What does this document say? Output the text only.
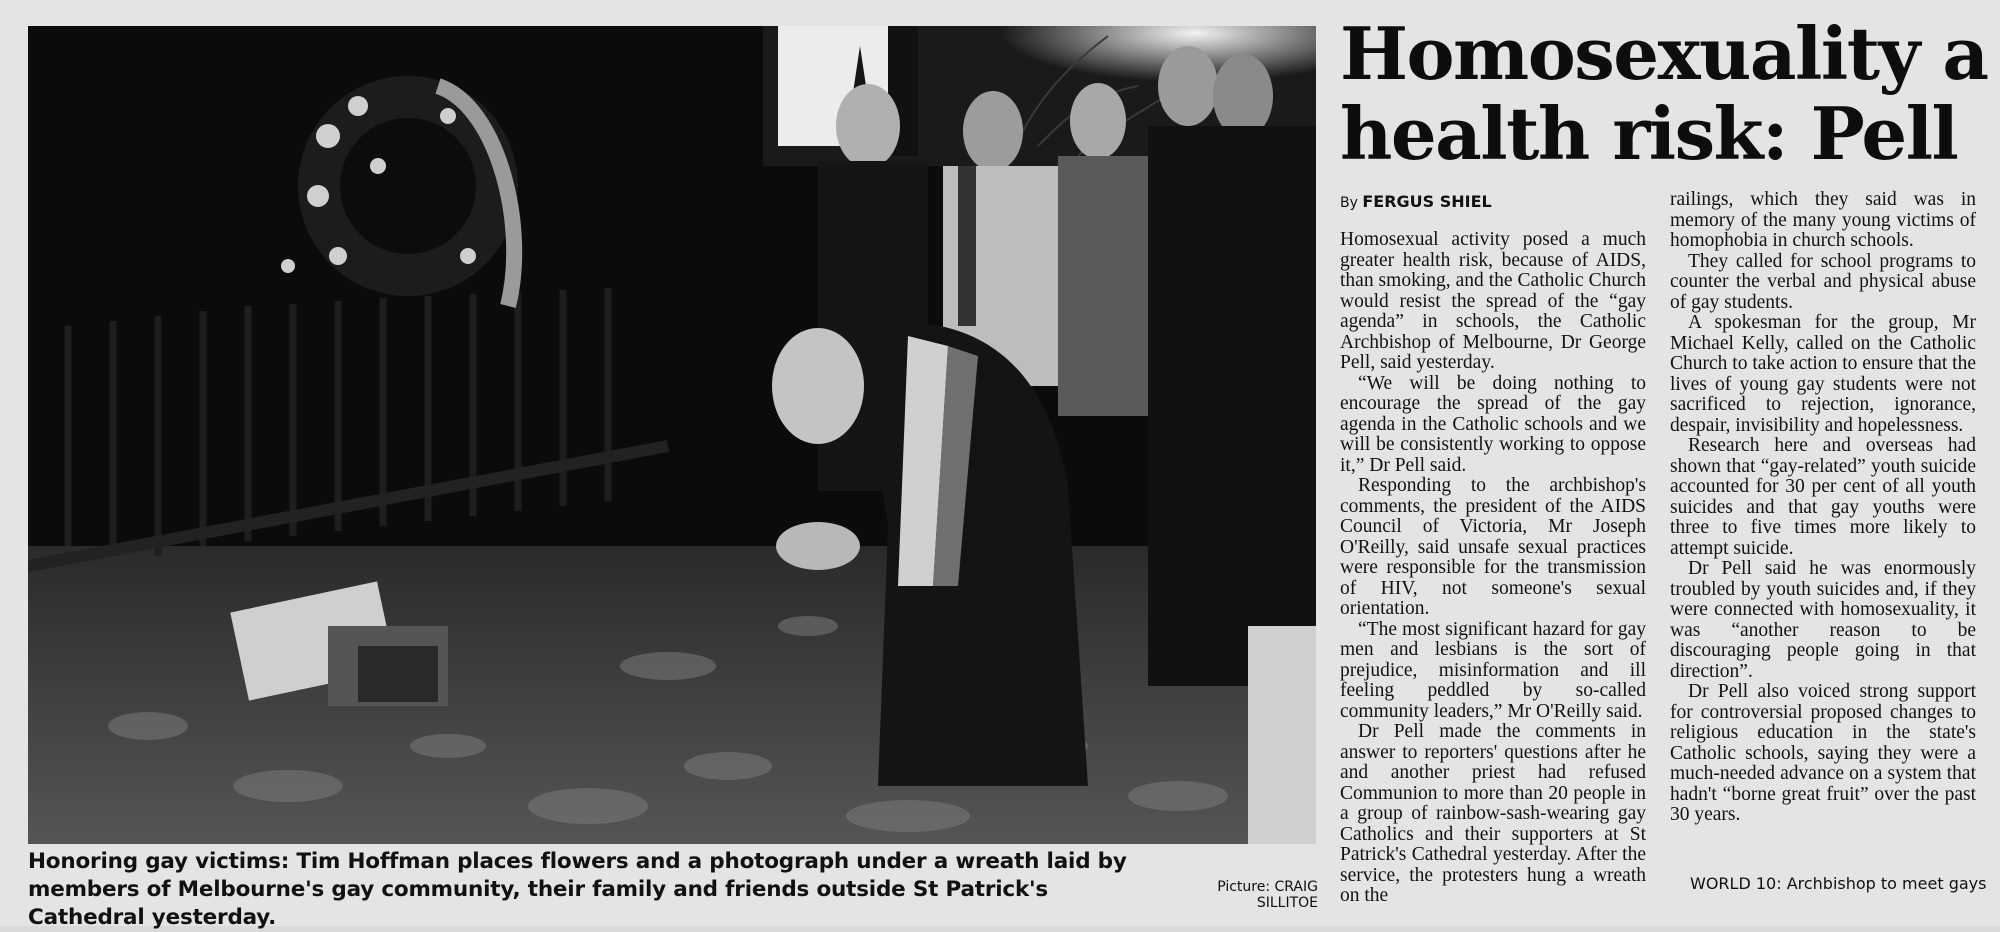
Honoring gay victims: Tim Hoffman places flowers and a photograph under a wreath laid by members of Melbourne's gay community, their family and friends outside St Patrick's Cathedral yesterday.
Picture: CRAIG SILLITOE
Homosexuality a health risk: Pell
By FERGUS SHIEL

Homosexual activity posed a much greater health risk, because of AIDS, than smoking, and the Catholic Church would resist the spread of the “gay agenda” in schools, the Catholic Archbishop of Melbourne, Dr George Pell, said yesterday.

“We will be doing nothing to encourage the spread of the gay agenda in the Catholic schools and we will be consistently working to oppose it,” Dr Pell said.

Responding to the archbishop's comments, the president of the AIDS Council of Victoria, Mr Joseph O'Reilly, said unsafe sexual practices were responsible for the transmission of HIV, not someone's sexual orientation.

“The most significant hazard for gay men and lesbians is the sort of prejudice, misinformation and ill feeling peddled by so-called community leaders,” Mr O'Reilly said.

Dr Pell made the comments in answer to reporters' questions after he and another priest had refused Communion to more than 20 people in a group of rainbow-sash-wearing gay Catholics and their supporters at St Patrick's Cathedral yesterday. After the service, the protesters hung a wreath on the

railings, which they said was in memory of the many young victims of homophobia in church schools.

They called for school programs to counter the verbal and physical abuse of gay students.

A spokesman for the group, Mr Michael Kelly, called on the Catholic Church to take action to ensure that the lives of young gay students were not sacrificed to rejection, ignorance, despair, invisibility and hopelessness.

Research here and overseas had shown that “gay-related” youth suicide accounted for 30 per cent of all youth suicides and that gay youths were three to five times more likely to attempt suicide.

Dr Pell said he was enormously troubled by youth suicides and, if they were connected with homosexuality, it was “another reason to be discouraging people going in that direction”.

Dr Pell also voiced strong support for controversial proposed changes to religious education in the state's Catholic schools, saying they were a much-needed advance on a system that hadn't “borne great fruit” over the past 30 years.

WORLD 10: Archbishop to meet gays
